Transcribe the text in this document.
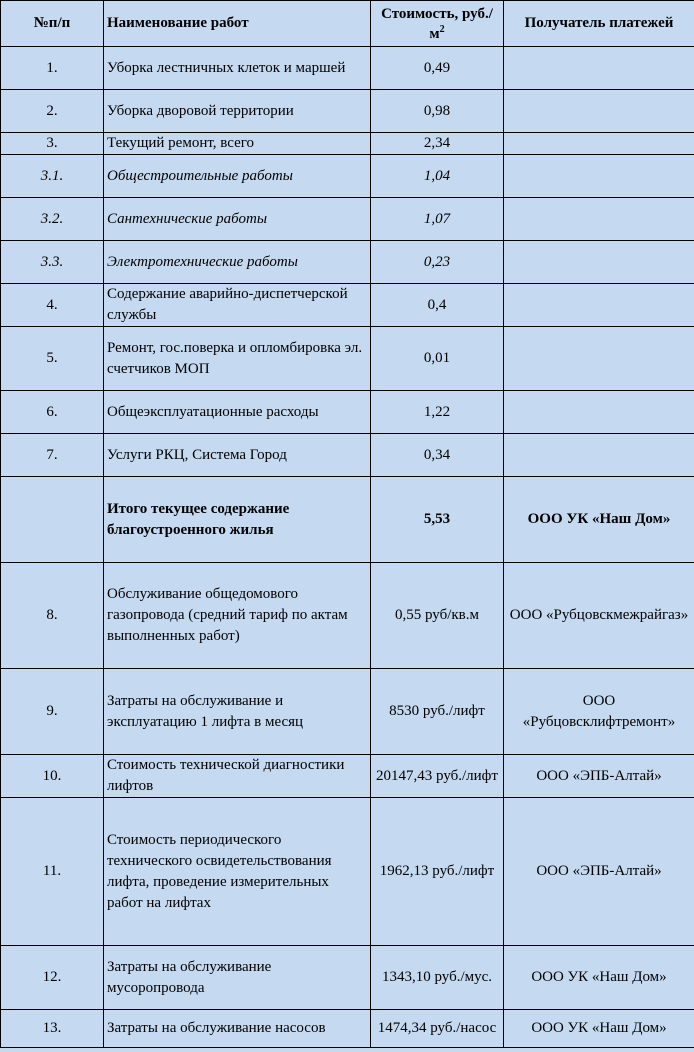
№п/п	Наименование работ	Стоимость, $руб./м^2$	Получатель платежей
1.	Уборка лестничных клеток и маршей	0,49	
2.	Уборка дворовой территории	0,98	
3.	Текущий ремонт, всего	2,34	
3.1.	Общестроительные работы	1,04	
3.2.	Сантехнические работы	1,07	
3.3.	Электротехнические работы	0,23	
4.	Содержание аварийно-диспетчерской службы	0,4	
5.	Ремонт, гос.поверка и опломбировка эл. счетчиков МОП	0,01	
6.	Общеэксплуатационные расходы	1,22	
7.	Услуги РКЦ, Система Город	0,34	
	Итого текущее содержание благоустроенного жилья	5,53	ООО УК «Наш Дом»
8.	Обслуживание общедомового газопровода (средний тариф по актам выполненных работ)	0,55 руб/кв.м	ООО «Рубцовскмежрайгаз»
9.	Затраты на обслуживание и эксплуатацию 1 лифта в месяц	8530 руб./лифт	ООО «Рубцовсклифтремонт»
10.	Стоимость технической диагностики лифтов	20147,43 руб./лифт	ООО «ЭПБ-Алтай»
11.	Стоимость периодического технического освидетельствования лифта, проведение измерительных работ на лифтах	1962,13 руб./лифт	ООО «ЭПБ-Алтай»
12.	Затраты на обслуживание мусоропровода	1343,10 руб./мус.	ООО УК «Наш Дом»
13.	Затраты на обслуживание насосов	1474,34 руб./насос	ООО УК «Наш Дом»
